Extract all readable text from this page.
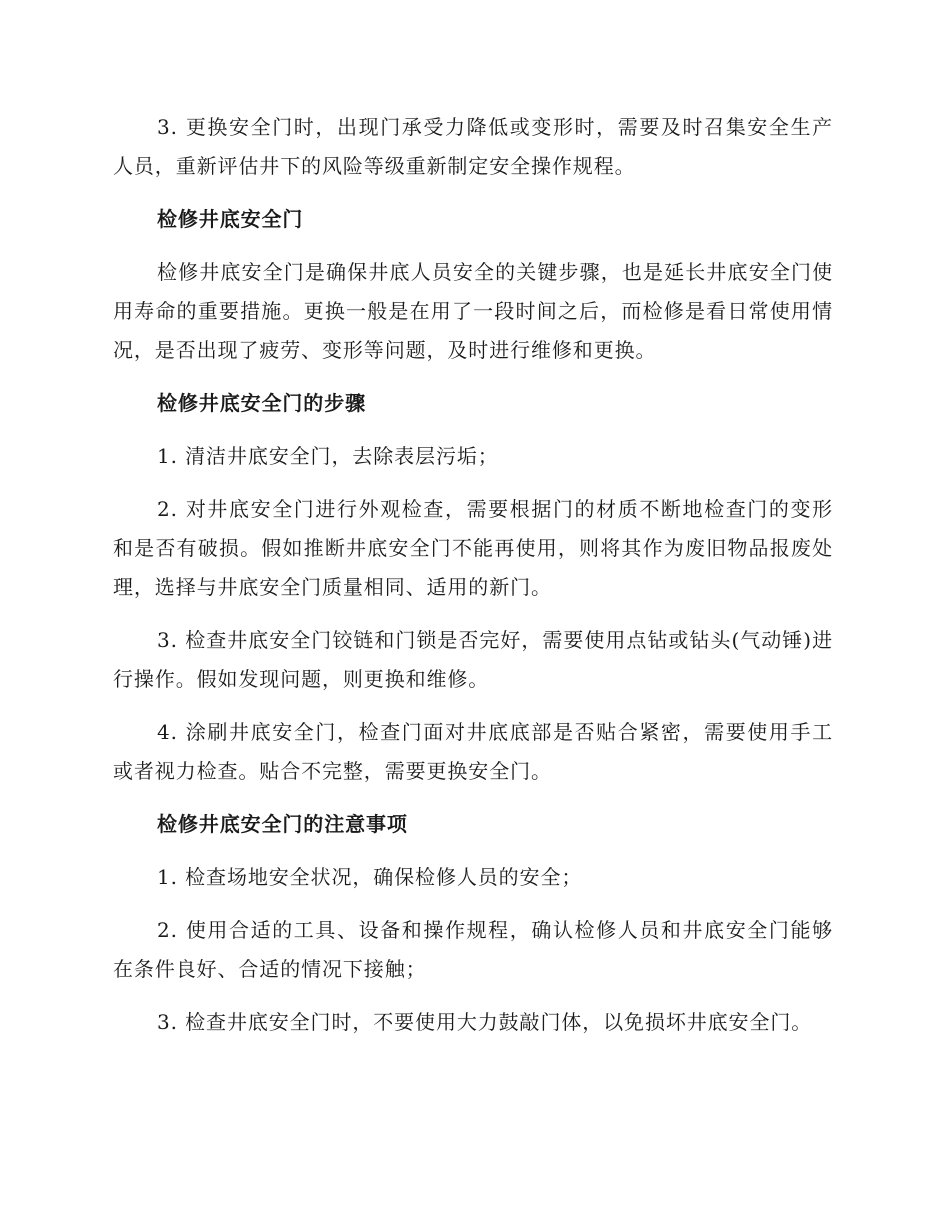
3. 更换安全门时，出现门承受力降低或变形时，需要及时召集安全生产人员，重新评估井下的风险等级重新制定安全操作规程。

检修井底安全门

检修井底安全门是确保井底人员安全的关键步骤，也是延长井底安全门使用寿命的重要措施。更换一般是在用了一段时间之后，而检修是看日常使用情况，是否出现了疲劳、变形等问题，及时进行维修和更换。

检修井底安全门的步骤

1. 清洁井底安全门，去除表层污垢；

2. 对井底安全门进行外观检查，需要根据门的材质不断地检查门的变形和是否有破损。假如推断井底安全门不能再使用，则将其作为废旧物品报废处理，选择与井底安全门质量相同、适用的新门。

3. 检查井底安全门铰链和门锁是否完好，需要使用点钻或钻头(气动锤)进行操作。假如发现问题，则更换和维修。

4. 涂刷井底安全门，检查门面对井底底部是否贴合紧密，需要使用手工或者视力检查。贴合不完整，需要更换安全门。

检修井底安全门的注意事项

1. 检查场地安全状况，确保检修人员的安全；

2. 使用合适的工具、设备和操作规程，确认检修人员和井底安全门能够在条件良好、合适的情况下接触；

3. 检查井底安全门时，不要使用大力鼓敲门体，以免损坏井底安全门。
